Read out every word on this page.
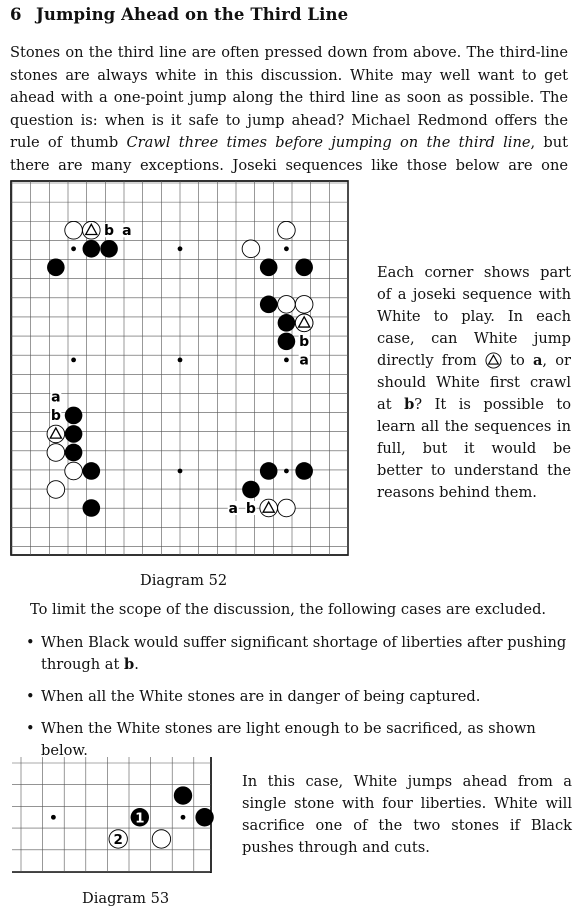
6 Jumping Ahead on the Third Line
Stones on the third line are often pressed down from above. The third-line stones are always white in this discussion. White may well want to get ahead with a one-point jump along the third line as soon as possible. The question is: when is it safe to jump ahead? Michael Redmond offers the rule of thumb Crawl three times before jumping on the third line, but there are many exceptions. Joseki sequences like those below are one
b a
b
a
a
b
a b
Each corner shows part of a joseki sequence with White to play. In each case, can White jump directly from  to a, or should White first crawl at b? It is possible to learn all the sequences in full, but it would be better to understand the reasons behind them.
Diagram 52
To limit the scope of the discussion, the following cases are excluded.
• When Black would suffer significant shortage of liberties after pushing through at b.
• When all the White stones are in danger of being captured.
• When the White stones are light enough to be sacrificed, as shown below.
1
2
In this case, White jumps ahead from a single stone with four liberties. White will sacrifice one of the two stones if Black pushes through and cuts.
Diagram 53
